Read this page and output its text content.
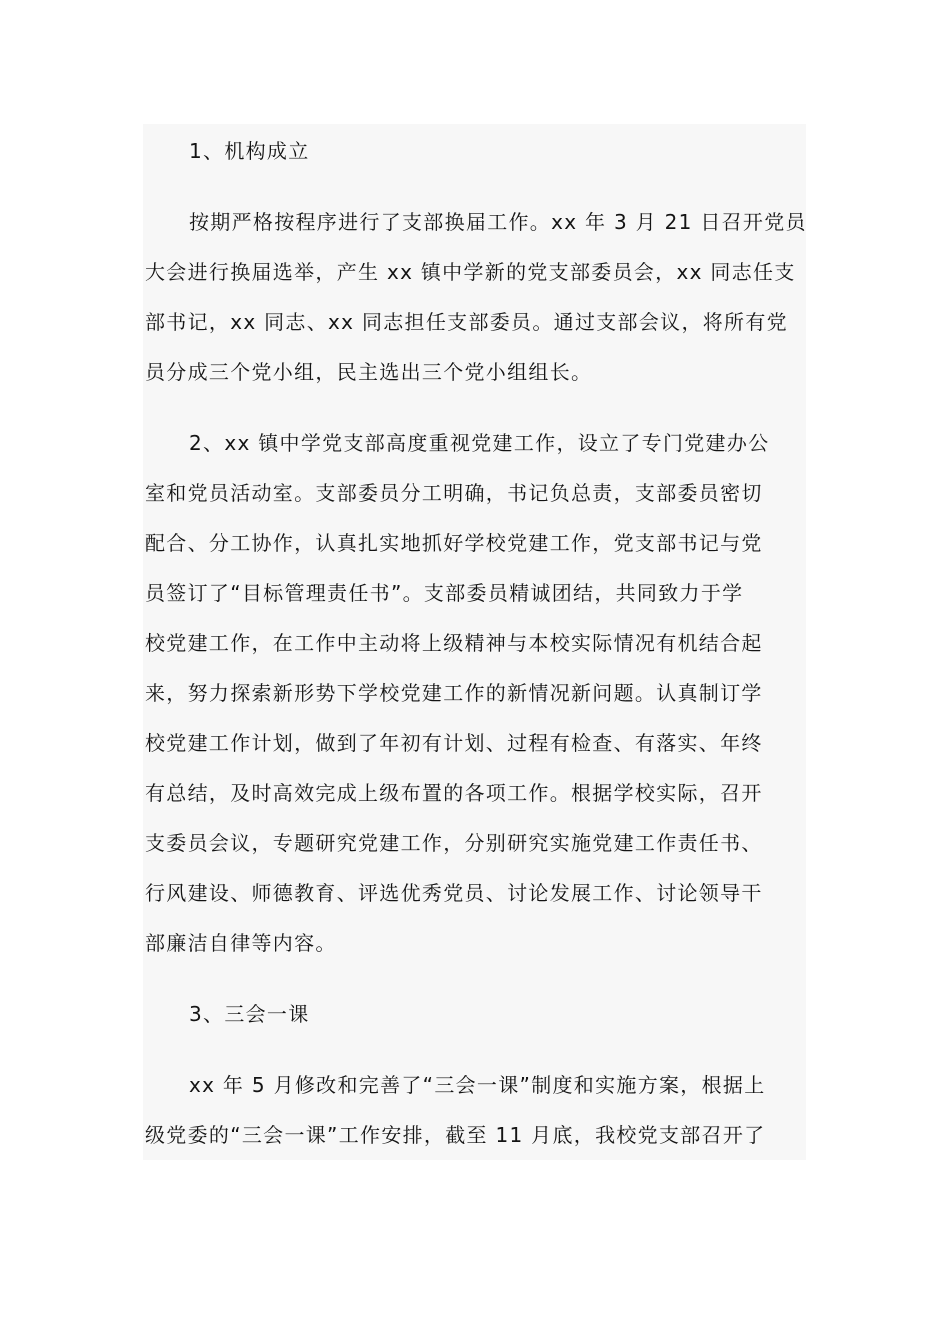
1、机构成立
按期严格按程序进行了支部换届工作。xx 年 3 月 21 日召开党员
大会进行换届选举，产生 xx 镇中学新的党支部委员会，xx 同志任支
部书记，xx 同志、xx 同志担任支部委员。通过支部会议，将所有党
员分成三个党小组，民主选出三个党小组组长。
2、xx 镇中学党支部高度重视党建工作，设立了专门党建办公
室和党员活动室。支部委员分工明确，书记负总责，支部委员密切
配合、分工协作，认真扎实地抓好学校党建工作，党支部书记与党
员签订了“目标管理责任书”。支部委员精诚团结，共同致力于学
校党建工作，在工作中主动将上级精神与本校实际情况有机结合起
来，努力探索新形势下学校党建工作的新情况新问题。认真制订学
校党建工作计划，做到了年初有计划、过程有检查、有落实、年终
有总结，及时高效完成上级布置的各项工作。根据学校实际，召开
支委员会议，专题研究党建工作，分别研究实施党建工作责任书、
行风建设、师德教育、评选优秀党员、讨论发展工作、讨论领导干
部廉洁自律等内容。
3、三会一课
xx 年 5 月修改和完善了“三会一课”制度和实施方案，根据上
级党委的“三会一课”工作安排，截至 11 月底，我校党支部召开了
